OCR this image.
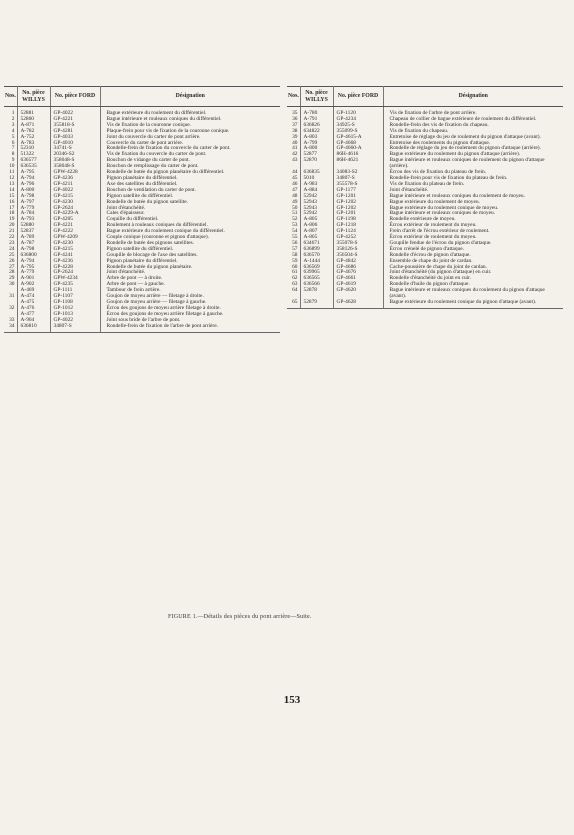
Nos.	No. pièce WILLYS	No. pièce FORD	Désignation
1	52881	GP-4022	Bague extérieure du roulement du différentiel.
2	52860	GP-4221	Bague intérieure et rouleaux coniques du différentiel.
3	A-871	355818-S	Vis de fixation de la couronne conique.
4	A-782	GP-4281	Plaque-frein pour vis de fixation de la couronne conique.
5	A-752	GP-4033	Joint du couvercle du carter de pont arrière.
6	A-783	GP-4010	Couvercle du carter de pont arrière.
7	52310	34741-S	Rondelle-frein de fixation du couvercle du carter de pont.
8	51322	20346-S2	Vis de fixation du couvercle du carter de pont.
9	636577	358048-S	Bouchon de vidange du carter de pont.
10	636535	358048-S	Bouchon de remplissage du carter de pont.
11	A-795	GPW-4228	Rondelle de butée du pignon planétaire du différentiel.
12	A-794	GP-4236	Pignon planétaire du différentiel.
13	A-796	GP-4211	Axe des satellites du différentiel.
14	A-800	GP-4022	Bouchon de ventilation du carter de pont.
15	A-798	GP-4215	Pignon satellite du différentiel.
16	A-797	GP-4230	Rondelle de butée du pignon satellite.
17	A-779	GP-2624	Joint d'étanchéité.
18	A-784	GP-4229-A	Cales d'épaisseur.
19	A-793	GP-4205	Coquille du différentiel.
20	52880	GP-4221	Roulement à rouleaux coniques du différentiel.
21	52837	GP-4222	Bague extérieure du roulement conique du différentiel.
22	A-789	GPW-4209	Couple conique (couronne et pignon d'attaque).
23	A-787	GP-4230	Rondelle de butée des pignons satellites.
24	A-798	GP-4215	Pignon satellite du différentiel.
25	636800	GP-4241	Goupille de blocage de l'axe des satellites.
26	A-794	GP-4236	Pignon planétaire du différentiel.
27	A-795	GP-4228	Rondelle de butée du pignon planétaire.
28	A-779	GP-2624	Joint d'étanchéité.
29	A-901	GPW-4234	Arbre de pont — à droite.
30	A-902	GP-4235	Arbre de pont — à gauche.
	A-469	GP-1111	Tambour de frein arrière.
31	A-474	GP-1107	Goujon de moyeu arrière — filetage à droite.
	A-475	GP-1108	Goujon de moyeu arrière — filetage à gauche.
32	A-476	GP-1012	Écrou des goujons de moyeu arrière filetage à droite.
	A-477	GP-1013	Écrou des goujons de moyeu arrière filetage à gauche.
33	A-904	GP-4022	Joint sous bride de l'arbre de pont.
34	636810	34807-S	Rondelle-frein de fixation de l'arbre de pont arrière.
Nos.	No. pièce WILLYS	No. pièce FORD	Désignation
35	A-780	GP-1120	Vis de fixation de l'arbre de pont arrière.
36	A-791	GP-4234	Chapeau de collier de bague extérieure de roulement du différentiel.
37	636826	34925-S	Rondelle-frein des vis de fixation du chapeau.
38	634822	355099-S	Vis de fixation du chapeau.
39	A-803	GP-4615-A	Entretoise de réglage du jeu de roulement du pignon d'attaque (avant).
40	A-799	GP-4668	Entretoise des roulements du pignon d'attaque.
41	A-800	GP-4660-A	Rondelle de réglage du jeu de roulement du pignon d'attaque (arrière).
42	52877	86H-4616	Bague extérieure du roulement du pignon d'attaque (arrière).
43	52870	86H-4621	Bague intérieure et rouleaux coniques de roulement du pignon d'attaque (arrière).
44	636835	34083-S2	Écrou des vis de fixation du plateau de frein.
45	5010	34807-S	Rondelle-frein pour vis de fixation du plateau de frein.
46	A-983	355578-S	Vis de fixation du plateau de frein.
47	A-884	GP-1177	Joint d'étanchéité.
48	52942	GP-1201	Bague intérieure et rouleaux coniques du roulement de moyeu.
49	52943	GP-1202	Bague extérieure du roulement de moyeu.
50	52943	GP-1202	Bague extérieure du roulement conique de moyeu.
51	52942	GP-1201	Bague intérieure et rouleaux coniques de moyeu.
52	A-805	GP-1198	Rondelle extérieure de moyeu.
53	A-806	GP-1218	Écrou extérieur de roulement du moyeu.
54	A-807	GP-1124	Frein d'arrêt de l'écrou extérieur de roulement.
55	A-805	GP-4252	Écrou extérieur de roulement du moyeu.
56	634671	355078-S	Goupille fendue de l'écrou du pignon d'attaque.
57	636899	358126-S	Écrou crénelé de pignon d'attaque.
58	636570	356504-S	Rondelle d'écrou de pignon d'attaque.
59	A-1444	GP-4842	Ensemble de chape du joint de cardan.
60	636569	GP-4686	Cache-poussière de chape du joint de cardan.
61	639965	GP-4676	Joint d'étanchéité (du pignon d'attaque) en cuir.
62	636565	GP-4661	Rondelle d'étanchéité du joint en cuir.
63	636566	GP-4619	Rondelle d'huile du pignon d'attaque.
64	52878	GP-4620	Bague intérieure et rouleaux coniques du roulement du pignon d'attaque (avant).
65	52879	GP-4628	Bague extérieure du roulement conique du pignon d'attaque (avant).
FIGURE 1.—Détails des pièces du pont arrière—Suite.
153
